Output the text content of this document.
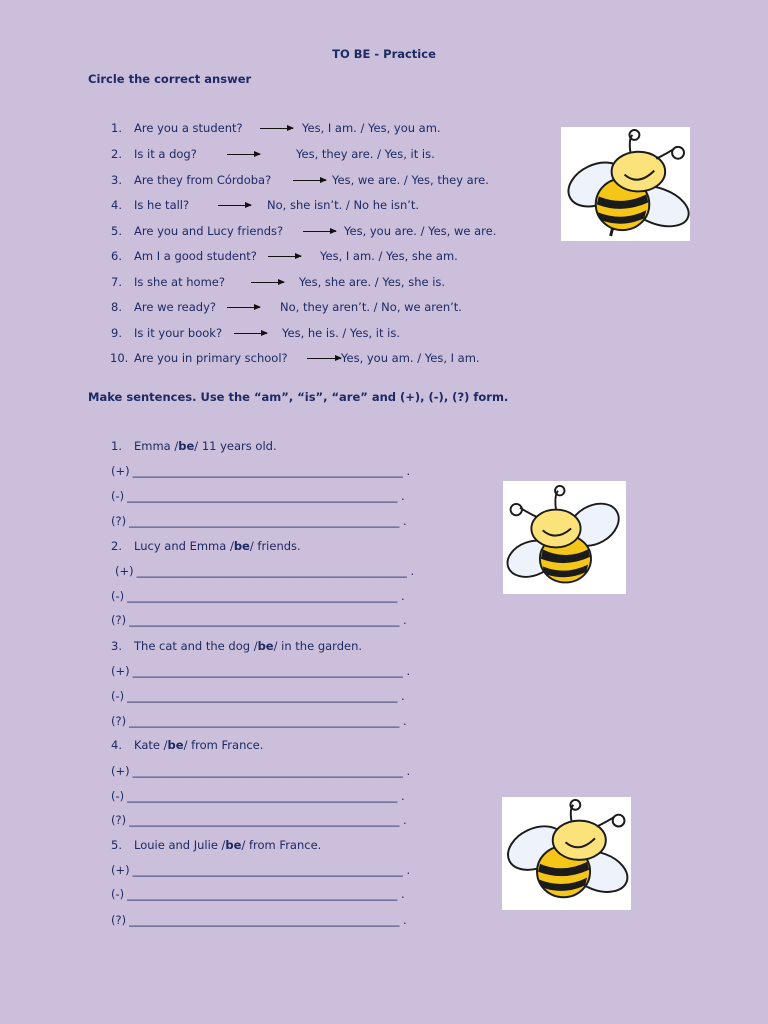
TO BE - Practice
Circle the correct answer
1. Are you a student?	Yes, I am. / Yes, you am.
2. Is it a dog?	Yes, they are. / Yes, it is.
3. Are they from Córdoba?	Yes, we are. / Yes, they are.
4. Is he tall?	No, she isn’t. / No he isn’t.
5. Are you and Lucy friends?	Yes, you are. / Yes, we are.
6. Am I a good student?	Yes, I am. / Yes, she am.
7. Is she at home?	Yes, she are. / Yes, she is.
8. Are we ready?	No, they aren’t. / No, we aren’t.
9. Is it your book?	Yes, he is. / Yes, it is.
10. Are you in primary school?	Yes, you am. / Yes, I am.
Make sentences. Use the “am”, “is”, “are” and (+), (-), (?) form.
1. Emma /be/ 11 years old.
(+) _______________________________________________ .
(-) _______________________________________________ .
(?) _______________________________________________ .
2. Lucy and Emma /be/ friends.
(+) _______________________________________________ .
(-) _______________________________________________ .
(?) _______________________________________________ .
3. The cat and the dog /be/ in the garden.
(+) _______________________________________________ .
(-) _______________________________________________ .
(?) _______________________________________________ .
4. Kate /be/ from France.
(+) _______________________________________________ .
(-) _______________________________________________ .
(?) _______________________________________________ .
5. Louie and Julie /be/ from France.
(+) _______________________________________________ .
(-) _______________________________________________ .
(?) _______________________________________________ .
